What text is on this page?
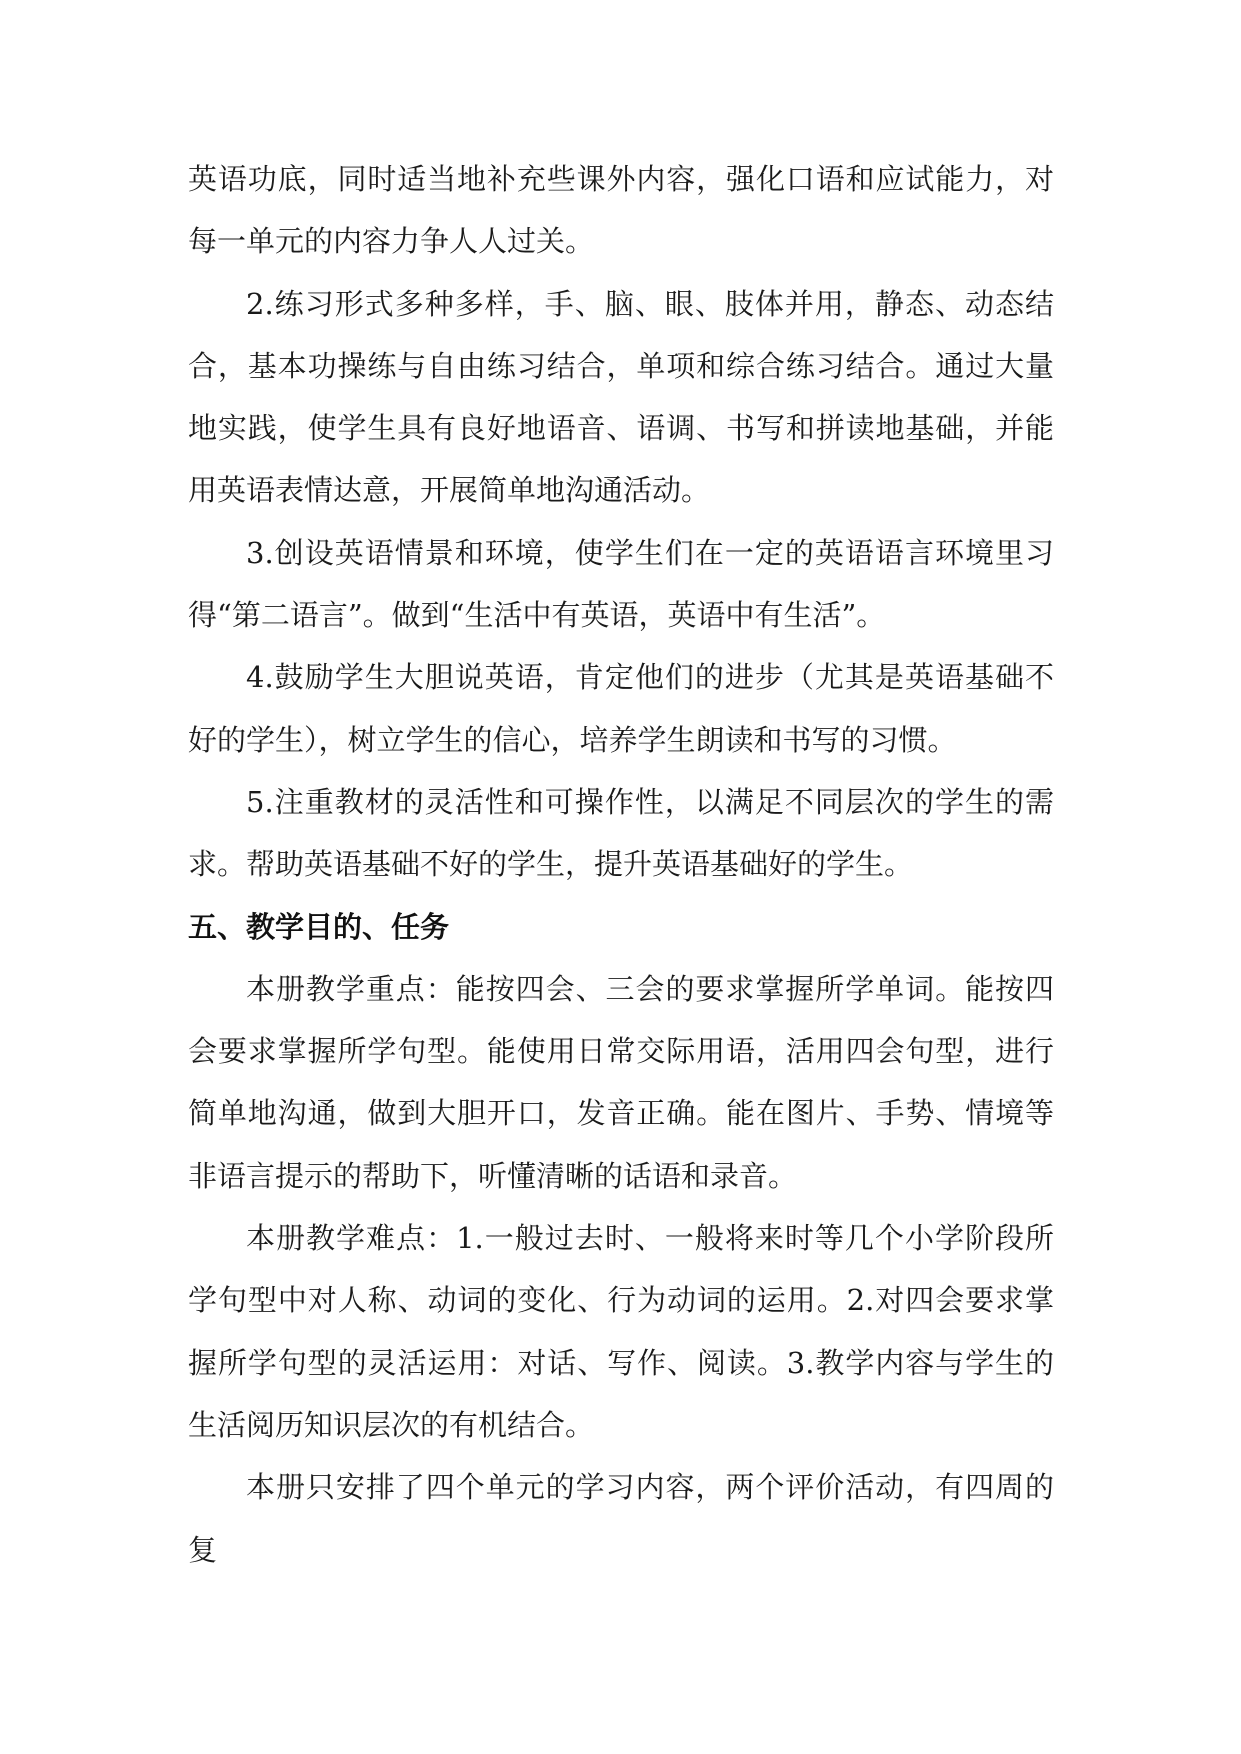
英语功底，同时适当地补充些课外内容，强化口语和应试能力，对每一单元的内容力争人人过关。

2.练习形式多种多样，手、脑、眼、肢体并用，静态、动态结合，基本功操练与自由练习结合，单项和综合练习结合。通过大量地实践，使学生具有良好地语音、语调、书写和拼读地基础，并能用英语表情达意，开展简单地沟通活动。

3.创设英语情景和环境，使学生们在一定的英语语言环境里习得“第二语言”。做到“生活中有英语，英语中有生活”。

4.鼓励学生大胆说英语，肯定他们的进步（尤其是英语基础不好的学生），树立学生的信心，培养学生朗读和书写的习惯。

5.注重教材的灵活性和可操作性，以满足不同层次的学生的需求。帮助英语基础不好的学生，提升英语基础好的学生。

五、教学目的、任务

本册教学重点：能按四会、三会的要求掌握所学单词。能按四会要求掌握所学句型。能使用日常交际用语，活用四会句型，进行简单地沟通，做到大胆开口，发音正确。能在图片、手势、情境等非语言提示的帮助下，听懂清晰的话语和录音。

本册教学难点：1.一般过去时、一般将来时等几个小学阶段所学句型中对人称、动词的变化、行为动词的运用。2.对四会要求掌握所学句型的灵活运用：对话、写作、阅读。3.教学内容与学生的生活阅历知识层次的有机结合。

本册只安排了四个单元的学习内容，两个评价活动，有四周的复
